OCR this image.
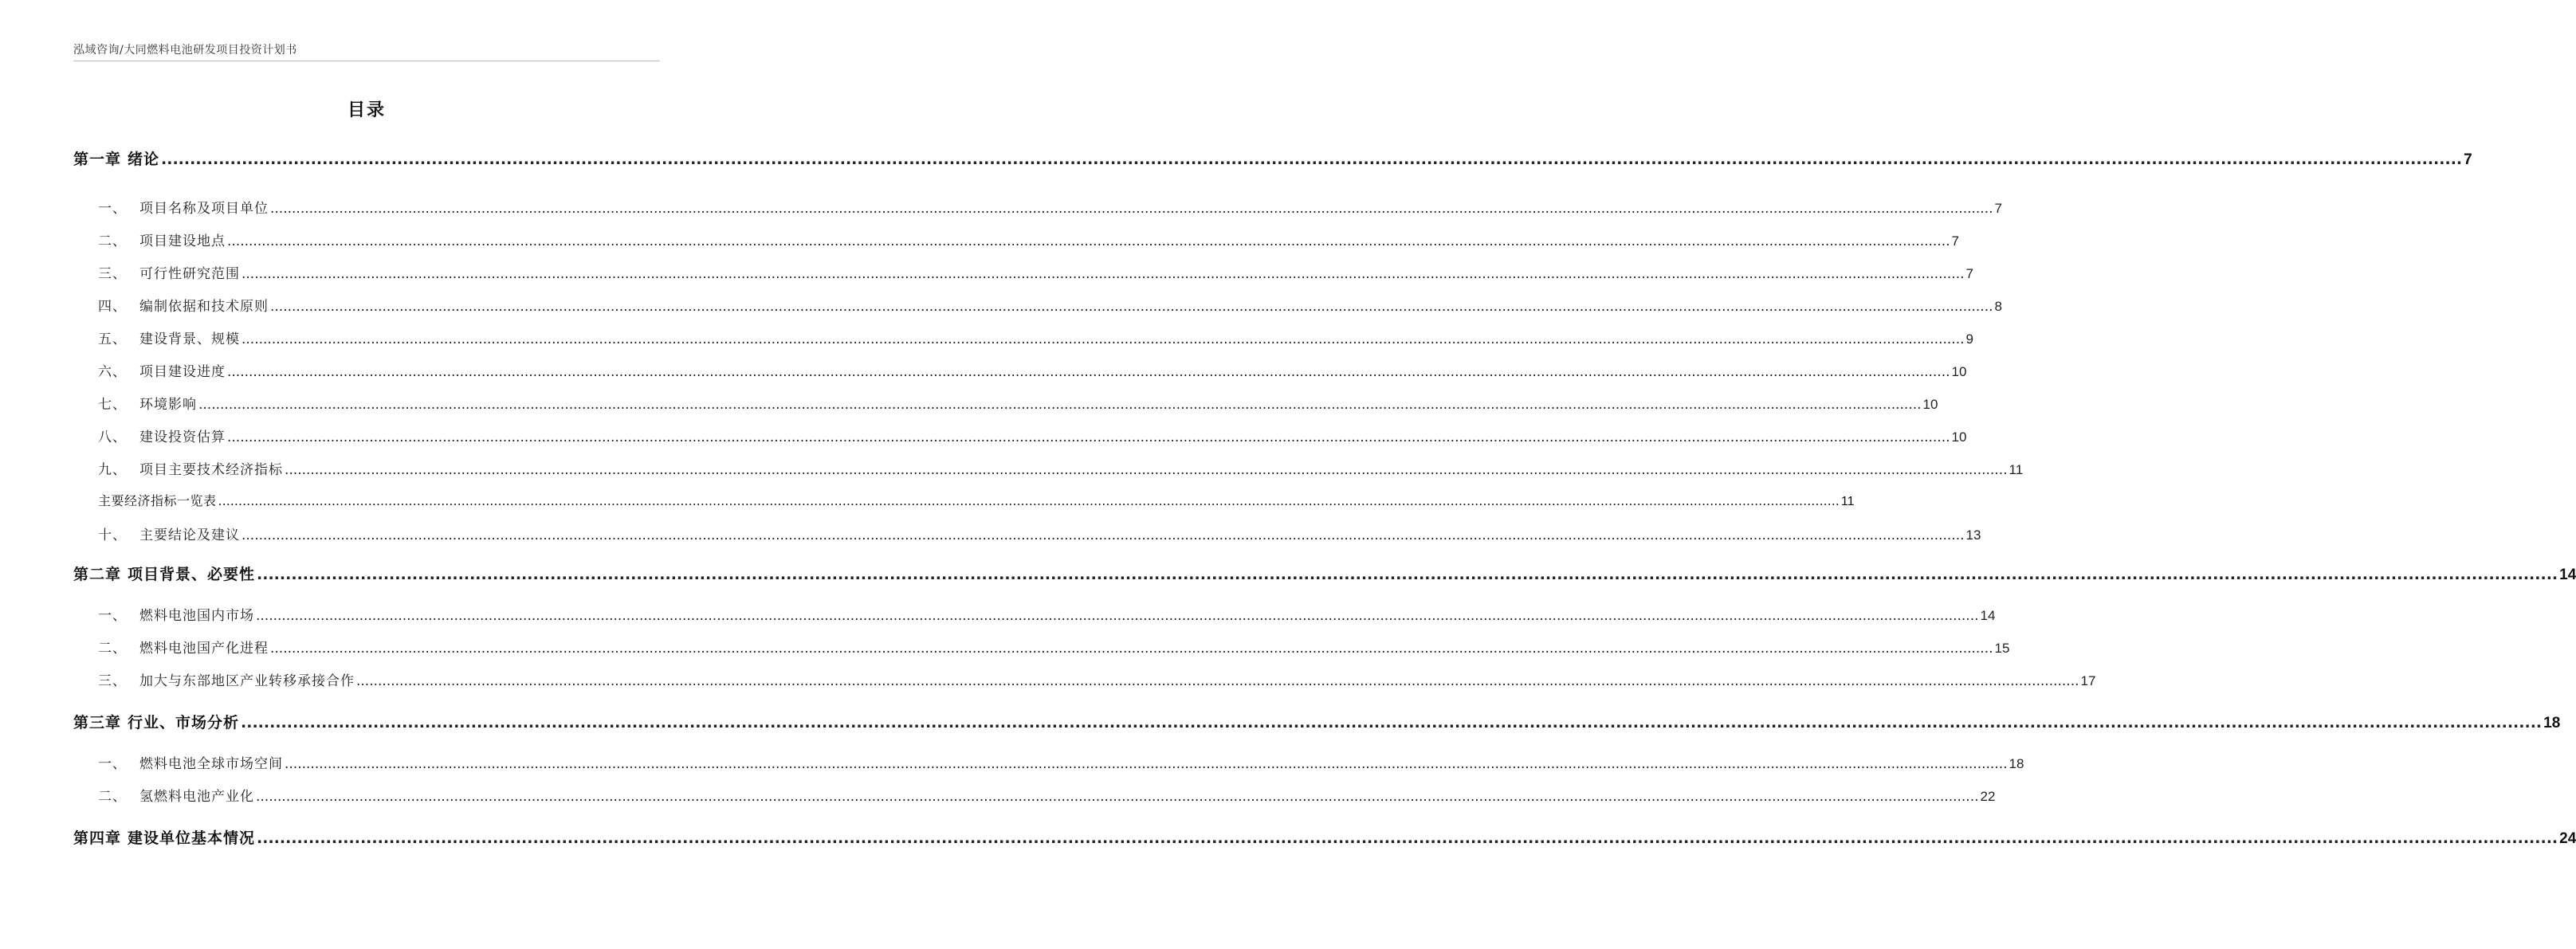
泓域咨询/大同燃料电池研发项目投资计划书
目录
第一章 绪论 ................................................................................................................................................................................................................................................................................................................................................................................................................ 7
一、 项目名称及项目单位 ................................................................................................................................................................................................................................................................................................................................................................................................................ 7
二、 项目建设地点 ................................................................................................................................................................................................................................................................................................................................................................................................................ 7
三、 可行性研究范围 ................................................................................................................................................................................................................................................................................................................................................................................................................ 7
四、 编制依据和技术原则 ................................................................................................................................................................................................................................................................................................................................................................................................................ 8
五、 建设背景、规模 ................................................................................................................................................................................................................................................................................................................................................................................................................ 9
六、 项目建设进度 ................................................................................................................................................................................................................................................................................................................................................................................................................ 10
七、 环境影响 ................................................................................................................................................................................................................................................................................................................................................................................................................ 10
八、 建设投资估算 ................................................................................................................................................................................................................................................................................................................................................................................................................ 10
九、 项目主要技术经济指标 ................................................................................................................................................................................................................................................................................................................................................................................................................ 11
主要经济指标一览表 ................................................................................................................................................................................................................................................................................................................................................................................................................ 11
十、 主要结论及建议 ................................................................................................................................................................................................................................................................................................................................................................................................................ 13
第二章 项目背景、必要性 ................................................................................................................................................................................................................................................................................................................................................................................................................ 14
一、 燃料电池国内市场 ................................................................................................................................................................................................................................................................................................................................................................................................................ 14
二、 燃料电池国产化进程 ................................................................................................................................................................................................................................................................................................................................................................................................................ 15
三、 加大与东部地区产业转移承接合作 ................................................................................................................................................................................................................................................................................................................................................................................................................ 17
第三章 行业、市场分析 ................................................................................................................................................................................................................................................................................................................................................................................................................ 18
一、 燃料电池全球市场空间 ................................................................................................................................................................................................................................................................................................................................................................................................................ 18
二、 氢燃料电池产业化 ................................................................................................................................................................................................................................................................................................................................................................................................................ 22
第四章 建设单位基本情况 ................................................................................................................................................................................................................................................................................................................................................................................................................ 24
